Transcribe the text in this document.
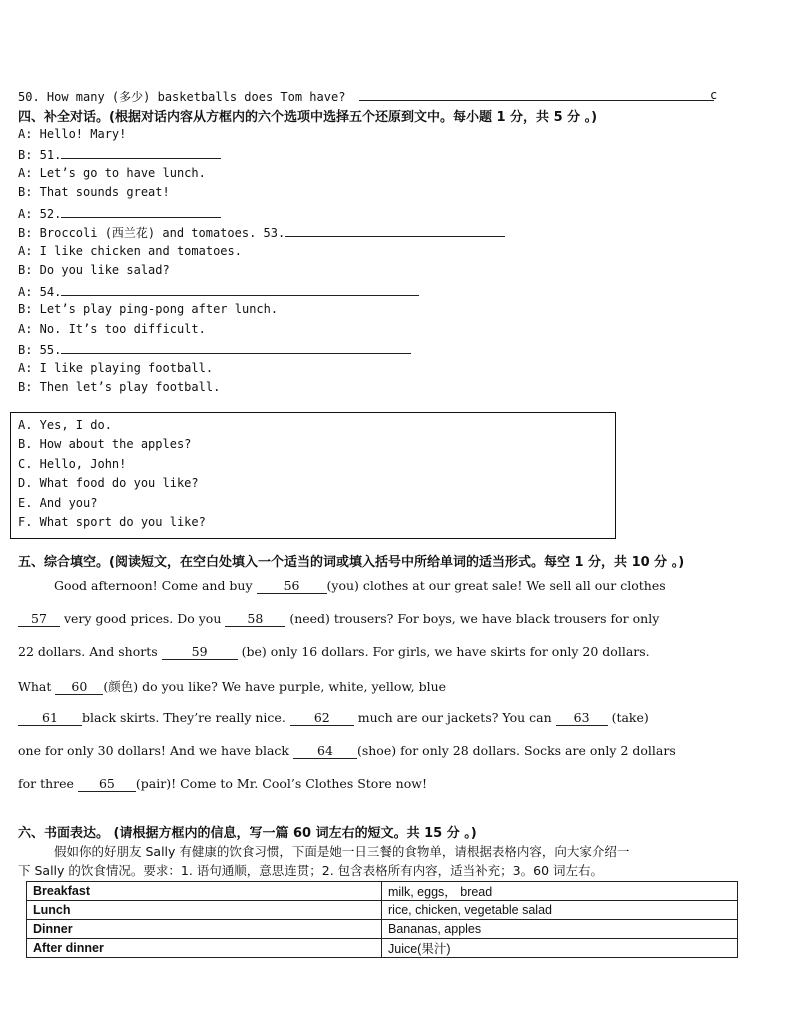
50. How many (多少) basketballs does Tom have?	c
四、补全对话。(根据对话内容从方框内的六个选项中选择五个还原到文中。每小题 1 分，共 5 分 。)
A: Hello! Mary!
B: 51.
A: Let’s go to have lunch.
B: That sounds great!
A: 52.
B: Broccoli (西兰花) and tomatoes. 53.
A: I like chicken and tomatoes.
B: Do you like salad?
A: 54.
B: Let’s play ping-pong after lunch.
A: No. It’s too difficult.
B: 55.
A: I like playing football.
B: Then let’s play football.
A. Yes, I do.
B. How about the apples?
C. Hello, John!
D. What food do you like?
E. And you?
F. What sport do you like?
五、综合填空。(阅读短文，在空白处填入一个适当的词或填入括号中所给单词的适当形式。每空 1 分，共 10 分 。)
Good afternoon! Come and buy 56 (you) clothes at our great sale! We sell all our clothes
57 very good prices. Do you 58 (need) trousers? For boys, we have black trousers for only
22 dollars. And shorts 59 (be) only 16 dollars. For girls, we have skirts for only 20 dollars.
What 60 (颜色) do you like? We have purple, white, yellow, blue
61 black skirts. They’re really nice. 62 much are our jackets? You can 63 (take)
one for only 30 dollars! And we have black 64 (shoe) for only 28 dollars. Socks are only 2 dollars
for three 65 (pair)! Come to Mr. Cool’s Clothes Store now!
六、书面表达。 (请根据方框内的信息，写一篇 60 词左右的短文。共 15 分 。)
假如你的好朋友 Sally 有健康的饮食习惯，下面是她一日三餐的食物单，请根据表格内容，向大家介绍一
下 Sally 的饮食情况。要求：1. 语句通顺，意思连贯；2. 包含表格所有内容，适当补充；3。60 词左右。
Breakfast	milk, eggs， bread
Lunch	rice, chicken, vegetable salad
Dinner	Bananas, apples
After dinner	Juice(果汁)
